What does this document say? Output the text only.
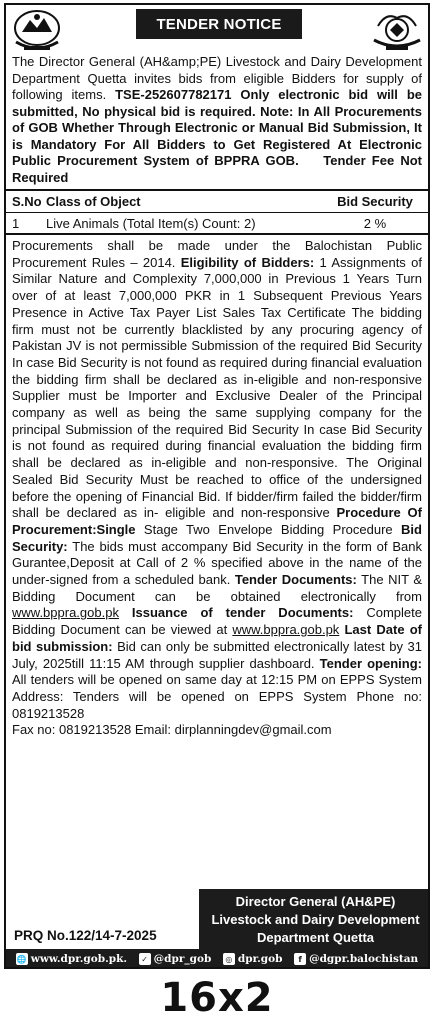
TENDER NOTICE
The Director General (AH&amp;PE) Livestock and Dairy Development Department Quetta invites bids from eligible Bidders for supply of following items. TSE-252607782171 Only electronic bid will be submitted, No physical bid is required. Note: In All Procurements of GOB Whether Through Electronic or Manual Bid Submission, It is Mandatory For All Bidders to Get Registered At Electronic Public Procurement System of BPPRA GOB. Tender Fee Not Required
S.No Class of Object	Bid Security
1	Live Animals (Total Item(s) Count: 2)	2 %
Procurements shall be made under the Balochistan Public Procurement Rules – 2014. Eligibility of Bidders: 1 Assignments of Similar Nature and Complexity 7,000,000 in Previous 1 Years Turn over of at least 7,000,000 PKR in 1 Subsequent Previous Years Presence in Active Tax Payer List Sales Tax Certificate The bidding firm must not be currently blacklisted by any procuring agency of Pakistan JV is not permissible Submission of the required Bid Security In case Bid Security is not found as required during financial evaluation the bidding firm shall be declared as in-eligible and non-responsive Supplier must be Importer and Exclusive Dealer of the Principal company as well as being the same supplying company for the principal Submission of the required Bid Security In case Bid Security is not found as required during financial evaluation the bidding firm shall be declared as in-eligible and non-responsive. The Original Sealed Bid Security Must be reached to office of the undersigned before the opening of Financial Bid. If bidder/firm failed the bidder/firm shall be declared as in- eligible and non-responsive Procedure Of Procurement:Single Stage Two Envelope Bidding Procedure Bid Security: The bids must accompany Bid Security in the form of Bank Gurantee,Deposit at Call of 2 % specified above in the name of the under-signed from a scheduled bank. Tender Documents: The NIT & Bidding Document can be obtained electronically from www.bppra.gob.pk Issuance of tender Documents: Complete Bidding Document can be viewed at www.bppra.gob.pk Last Date of bid submission: Bid can only be submitted electronically latest by 31 July, 2025till 11:15 AM through supplier dashboard. Tender opening: All tenders will be opened on same day at 12:15 PM on EPPS System Address: Tenders will be opened on EPPS System Phone no: 0819213528
Fax no: 0819213528 Email: dirplanningdev@gmail.com
PRQ No.122/14-7-2025
Director General (AH&PE)
Livestock and Dairy Development
Department Quetta
🌐 www.dpr.gob.pk.	✓ @dpr_gob	◎ dpr.gob	f @dgpr.balochistan
16x2
